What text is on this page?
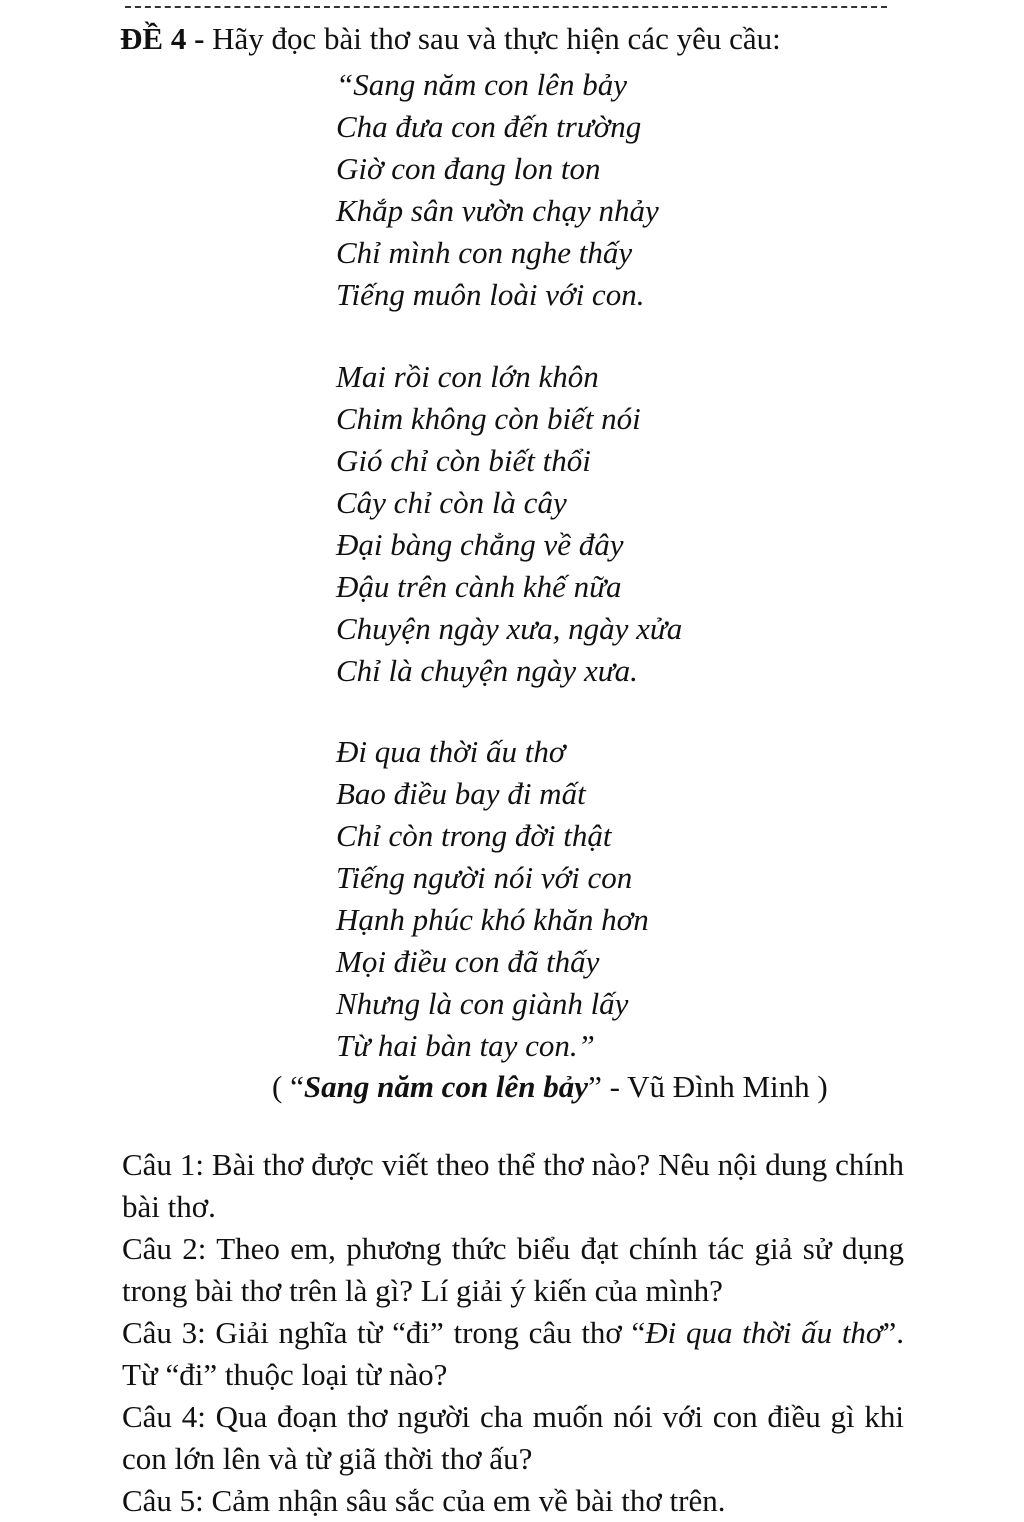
ĐỀ 4 - Hãy đọc bài thơ sau và thực hiện các yêu cầu:
“Sang năm con lên bảy
Cha đưa con đến trường
Giờ con đang lon ton
Khắp sân vườn chạy nhảy
Chỉ mình con nghe thấy
Tiếng muôn loài với con.
Mai rồi con lớn khôn
Chim không còn biết nói
Gió chỉ còn biết thổi
Cây chỉ còn là cây
Đại bàng chẳng về đây
Đậu trên cành khế nữa
Chuyện ngày xưa, ngày xửa
Chỉ là chuyện ngày xưa.
Đi qua thời ấu thơ
Bao điều bay đi mất
Chỉ còn trong đời thật
Tiếng người nói với con
Hạnh phúc khó khăn hơn
Mọi điều con đã thấy
Nhưng là con giành lấy
Từ hai bàn tay con.”
( “Sang năm con lên bảy” - Vũ Đình Minh )
Câu 1: Bài thơ được viết theo thể thơ nào? Nêu nội dung chính bài thơ.
Câu 2: Theo em, phương thức biểu đạt chính tác giả sử dụng trong bài thơ trên là gì? Lí giải ý kiến của mình?
Câu 3: Giải nghĩa từ “đi” trong câu thơ “Đi qua thời ấu thơ”. Từ “đi” thuộc loại từ nào?
Câu 4: Qua đoạn thơ người cha muốn nói với con điều gì khi con lớn lên và từ giã thời thơ ấu?
Câu 5: Cảm nhận sâu sắc của em về bài thơ trên.
